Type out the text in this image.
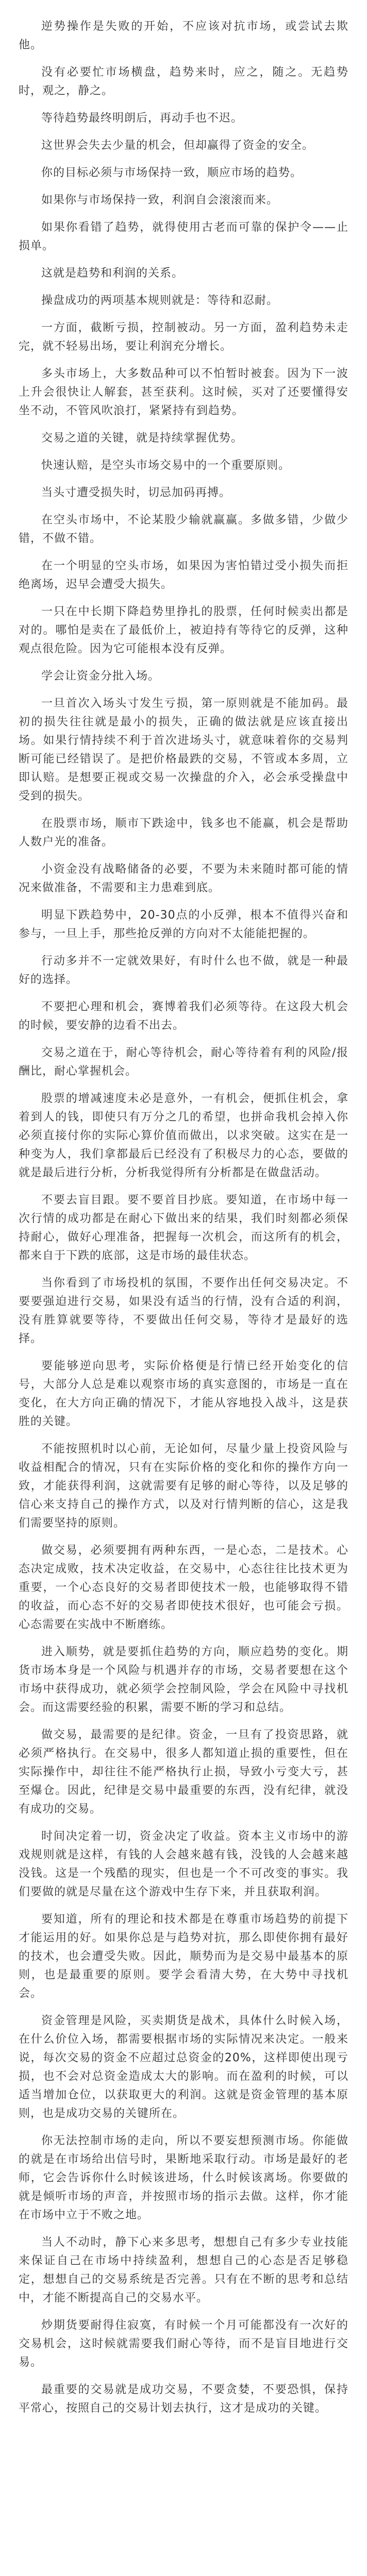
逆势操作是失败的开始，不应该对抗市场，或尝试去欺他。

没有必要忙市场横盘，趋势来时，应之，随之。无趋势时，观之，静之。

等待趋势最终明朗后，再动手也不迟。

这世界会失去少量的机会，但却赢得了资金的安全。

你的目标必须与市场保持一致，顺应市场的趋势。

如果你与市场保持一致，利润自会滚滚而来。

如果你看错了趋势，就得使用古老而可靠的保护令——止损单。

这就是趋势和利润的关系。

操盘成功的两项基本规则就是：等待和忍耐。

一方面，截断亏损，控制被动。另一方面，盈利趋势未走完，就不轻易出场，要让利润充分增长。

多头市场上，大多数品种可以不怕暂时被套。因为下一波上升会很快让人解套，甚至获利。这时候，买对了还要懂得安坐不动，不管风吹浪打，紧紧持有到趋势。

交易之道的关键，就是持续掌握优势。

快速认赔，是空头市场交易中的一个重要原则。

当头寸遭受损失时，切忌加码再搏。

在空头市场中，不论某股少输就赢赢。多做多错，少做少错，不做不错。

在一个明显的空头市场，如果因为害怕错过受小损失而拒绝离场，迟早会遭受大损失。

一只在中长期下降趋势里挣扎的股票，任何时候卖出都是对的。哪怕是卖在了最低价上，被迫持有等待它的反弹，这种观点很危险。因为它可能根本没有反弹。

学会让资金分批入场。

一旦首次入场头寸发生亏损，第一原则就是不能加码。最初的损失往往就是最小的损失，正确的做法就是应该直接出场。如果行情持续不利于首次进场头寸，就意味着你的交易判断可能已经错误了。是把价格最跌的交易，不管或本多周，立即认赔。是想要正视或交易一次操盘的介入，必会承受操盘中受到的损失。

在股票市场，顺市下跌途中，钱多也不能赢，机会是帮助人数户光的准备。

小资金没有战略储备的必要，不要为未来随时都可能的情况来做准备，不需要和主力患难到底。

明显下跌趋势中，20-30点的小反弹，根本不值得兴奋和参与，一旦上手，那些抢反弹的方向对不太能能把握的。

行动多并不一定就效果好，有时什么也不做，就是一种最好的选择。

不要把心理和机会，赛博着我们必须等待。在这段大机会的时候，要安静的边看不出去。

交易之道在于，耐心等待机会，耐心等待着有利的风险/报酬比，耐心掌握机会。

股票的增减速度未必是意外，一有机会，便抓住机会，拿着到人的钱，即使只有万分之几的希望，也拼命我机会掉入你必须直接付你的实际心算价值而做出，以求突破。这实在是一种变为人，我们拿都最后已经没有了积极尽力的心态，要做的就是最后进行分析，分析我觉得所有分析都是在做盘活动。

不要去盲目跟。要不要首目抄底。要知道，在市场中每一次行情的成功都是在耐心下做出来的结果，我们时刻都必须保持耐心，做好心理准备，把握每一次机会，而这所有的机会，都来自于下跌的底部，这是市场的最佳状态。

当你看到了市场投机的氛围，不要作出任何交易决定。不要要强迫进行交易，如果没有适当的行情，没有合适的利润，没有胜算就要等待，不要做出任何交易，等待才是最好的选择。

要能够逆向思考，实际价格便是行情已经开始变化的信号，大部分人总是难以观察市场的真实意图的，市场是一直在变化，在大方向正确的情况下，才能从容地投入战斗，这是获胜的关键。

不能按照机时以心前，无论如何，尽量少量上投资风险与收益相配合的情况，只有在实际价格的变化和你的操作方向一致，才能获得利润，这就需要有足够的耐心等待，以及足够的信心来支持自己的操作方式，以及对行情判断的信心，这是我们需要坚持的原则。

做交易，必须要拥有两种东西，一是心态，二是技术。心态决定成败，技术决定收益，在交易中，心态往往比技术更为重要，一个心态良好的交易者即使技术一般，也能够取得不错的收益，而心态不好的交易者即使技术很好，也可能会亏损。心态需要在实战中不断磨练。

进入顺势，就是要抓住趋势的方向，顺应趋势的变化。期货市场本身是一个风险与机遇并存的市场，交易者要想在这个市场中获得成功，就必须学会控制风险，学会在风险中寻找机会。而这需要经验的积累，需要不断的学习和总结。

做交易，最需要的是纪律。资金，一旦有了投资思路，就必须严格执行。在交易中，很多人都知道止损的重要性，但在实际操作中，却往往不能严格执行止损，导致小亏变大亏，甚至爆仓。因此，纪律是交易中最重要的东西，没有纪律，就没有成功的交易。

时间决定着一切，资金决定了收益。资本主义市场中的游戏规则就是这样，有钱的人会越来越有钱，没钱的人会越来越没钱。这是一个残酷的现实，但也是一个不可改变的事实。我们要做的就是尽量在这个游戏中生存下来，并且获取利润。

要知道，所有的理论和技术都是在尊重市场趋势的前提下才能运用的好。如果你总是与趋势对抗，那么即使你拥有最好的技术，也会遭受失败。因此，顺势而为是交易中最基本的原则，也是最重要的原则。要学会看清大势，在大势中寻找机会。

资金管理是风险，买卖期货是战术，具体什么时候入场，在什么价位入场，都需要根据市场的实际情况来决定。一般来说，每次交易的资金不应超过总资金的20%，这样即使出现亏损，也不会对总资金造成太大的影响。而在盈利的时候，可以适当增加仓位，以获取更大的利润。这就是资金管理的基本原则，也是成功交易的关键所在。

你无法控制市场的走向，所以不要妄想预测市场。你能做的就是在市场给出信号时，果断地采取行动。市场是最好的老师，它会告诉你什么时候该进场，什么时候该离场。你要做的就是倾听市场的声音，并按照市场的指示去做。这样，你才能在市场中立于不败之地。

当人不动时，静下心来多思考，想想自己有多少专业技能来保证自己在市场中持续盈利，想想自己的心态是否足够稳定，想想自己的交易系统是否完善。只有在不断的思考和总结中，才能不断提高自己的交易水平。

炒期货要耐得住寂寞，有时候一个月可能都没有一次好的交易机会，这时候就需要我们耐心等待，而不是盲目地进行交易。

最重要的交易就是成功交易，不要贪婪，不要恐惧，保持平常心，按照自己的交易计划去执行，这才是成功的关键。
